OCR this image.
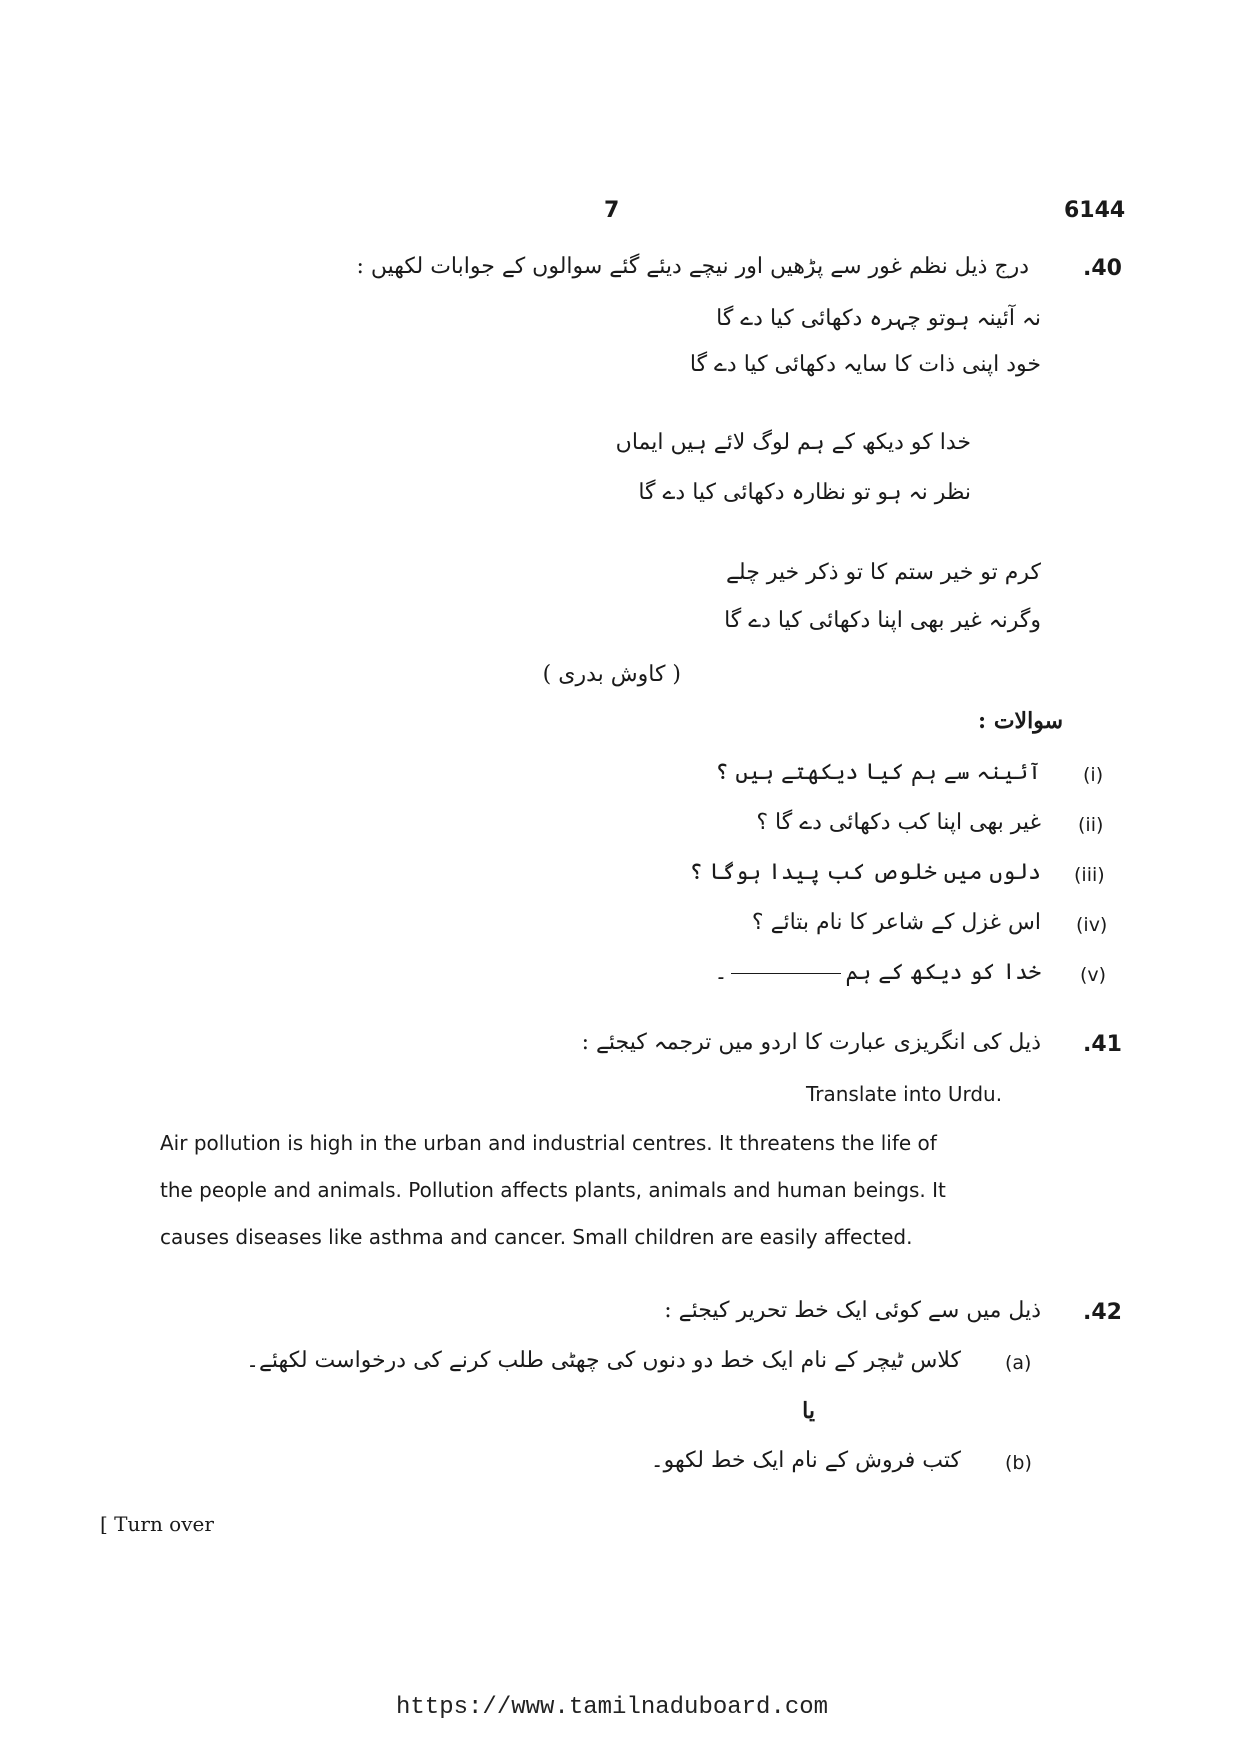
7	6144
.40
درج ذیل نظم غور سے پڑھیں اور نیچے دیئے گئے سوالوں کے جوابات لکھیں :
نہ آئینہ ہوتو چہرہ دکھائی کیا دے گا
خود اپنی ذات کا سایہ دکھائی کیا دے گا
خدا کو دیکھ کے ہم لوگ لائے ہیں ایماں
نظر نہ ہو تو نظارہ دکھائی کیا دے گا
کرم تو خیر ستم کا تو ذکر خیر چلے
وگرنہ غیر بھی اپنا دکھائی کیا دے گا
( کاوش بدری )
سوالات :
(i)
آئینہ سے ہم کیا دیکھتے ہیں ؟
(ii)
غیر بھی اپنا کب دکھائی دے گا ؟
(iii)
دلوں میں خلوص کب پیدا ہوگا ؟
(iv)
اس غزل کے شاعر کا نام بتائے ؟
(v)
خدا کو دیکھ کے ہم۔
.41
ذیل کی انگریزی عبارت کا اردو میں ترجمہ کیجئے :
Translate into Urdu.
Air pollution is high in the urban and industrial centres. It threatens the life of
the people and animals. Pollution affects plants, animals and human beings. It
causes diseases like asthma and cancer. Small children are easily affected.
.42
ذیل میں سے کوئی ایک خط تحریر کیجئے :
(a)
کلاس ٹیچر کے نام ایک خط دو دنوں کی چھٹی طلب کرنے کی درخواست لکھئے۔
یا
(b)
کتب فروش کے نام ایک خط لکھو۔
[ Turn over
https://www.tamilnaduboard.com
